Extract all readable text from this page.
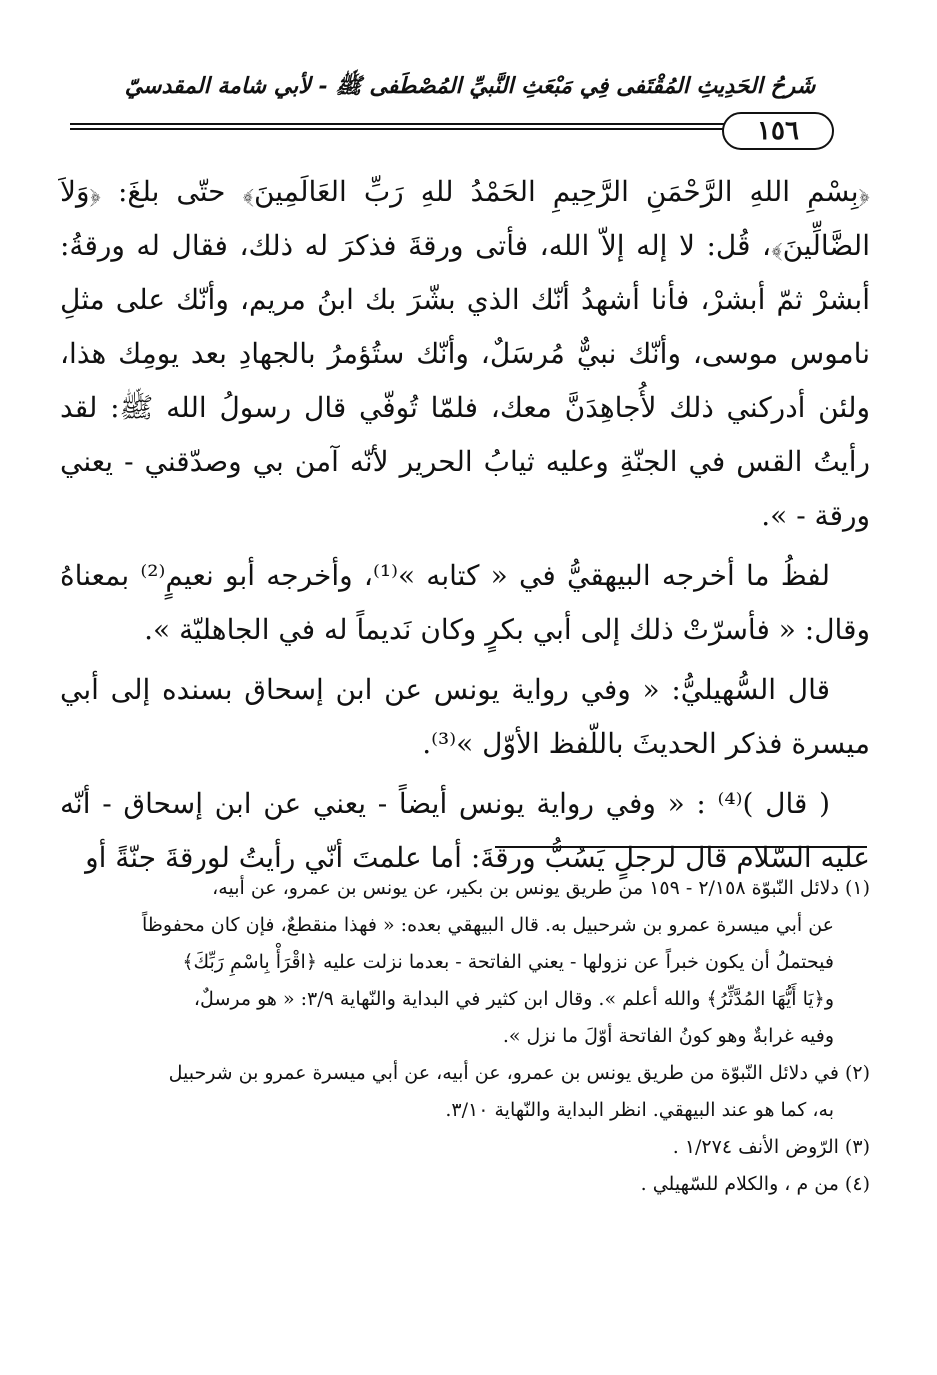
شَرحُ الحَدِيثِ المُقْتَفى فِي مَبْعَثِ النَّبيِّ المُصْطَفى ﷺ - لأبي شامة المقدسيّ
١٥٦

﴿بِسْمِ اللهِ الرَّحْمَنِ الرَّحِيمِ الحَمْدُ للهِ رَبِّ العَالَمِينَ﴾ حتّى بلغَ: ﴿وَلاَ الضَّالِّينَ﴾، قُل: لا إله إلاّ الله، فأتى ورقةَ فذكرَ له ذلك، فقال له ورقةُ: أبشرْ ثمّ أبشرْ، فأنا أشهدُ أنّك الذي بشّرَ بك ابنُ مريم، وأنّك على مثلِ ناموس موسى، وأنّك نبيٌّ مُرسَلٌ، وأنّك ستُؤمرُ بالجهادِ بعد يومِك هذا، ولئن أدركني ذلك لأُجاهِدَنَّ معك، فلمّا تُوفّي قال رسولُ الله ﷺ: لقد رأيتُ القس في الجنّةِ وعليه ثيابُ الحرير لأنّه آمن بي وصدّقني - يعني ورقة - ».

لفظُ ما أخرجه البيهقيُّ في « كتابه »⁽¹⁾، وأخرجه أبو نعيمٍ⁽²⁾ بمعناهُ وقال: « فأسرّتْ ذلك إلى أبي بكرٍ وكان نَديماً له في الجاهليّة ».

قال السُّهيليُّ: « وفي رواية يونس عن ابن إسحاق بسنده إلى أبي ميسرة فذكر الحديثَ باللّفظ الأوّل »⁽³⁾.

( قال )⁽⁴⁾ : « وفي رواية يونس أيضاً - يعني عن ابن إسحاق - أنّه عليه السّلام قال لرجلٍ يَسُبُّ ورقةَ: أما علمتَ أنّي رأيتُ لورقةَ جنّةً أو

(١) دلائل النّبوّة ٢/١٥٨ - ١٥٩ من طريق يونس بن بكير، عن يونس بن عمرو، عن أبيه،

عن أبي ميسرة عمرو بن شرحبيل به. قال البيهقي بعده: « فهذا منقطعٌ، فإن كان محفوظاً

فيحتملُ أن يكون خبراً عن نزولها - يعني الفاتحة - بعدما نزلت عليه ﴿اقْرَأْ بِاسْمِ رَبِّكَ﴾

و﴿يَا أَيُّهَا المُدَّثِّرُ﴾ والله أعلم ». وقال ابن كثير في البداية والنّهاية ٣/٩: « هو مرسلٌ،

وفيه غرابةٌ وهو كونُ الفاتحة أوّلَ ما نزل ».

(٢) في دلائل النّبوّة من طريق يونس بن عمرو، عن أبيه، عن أبي ميسرة عمرو بن شرحبيل

به، كما هو عند البيهقي. انظر البداية والنّهاية ٣/١٠.

(٣) الرّوض الأنف ١/٢٧٤ .

(٤) من م ، والكلام للسّهيلي .
